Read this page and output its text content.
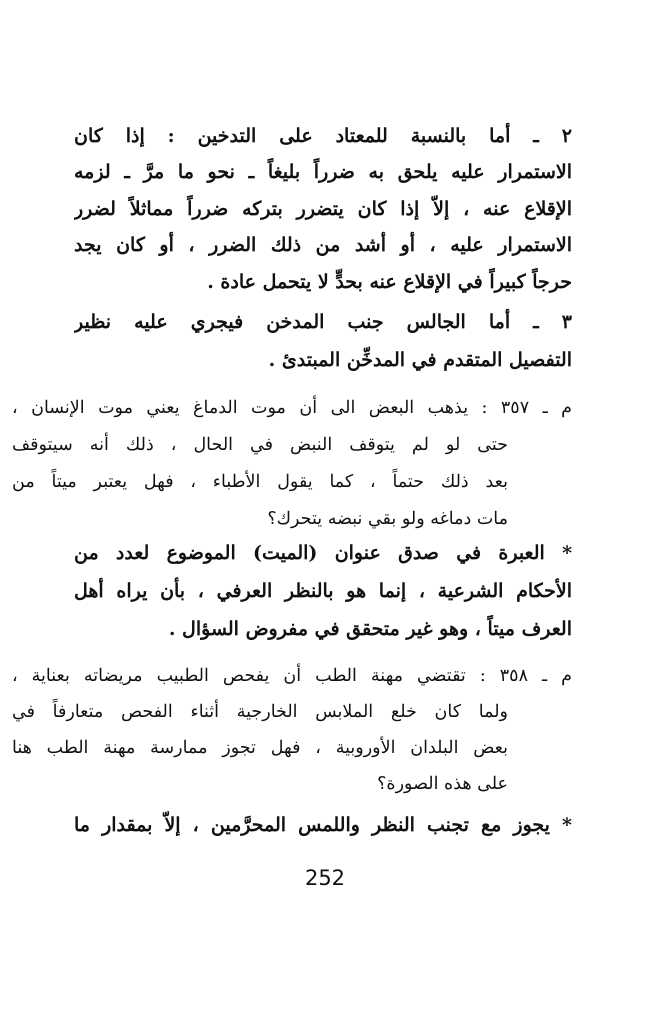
٢ ـ أما بالنسبة للمعتاد على التدخين : إذا كان
الاستمرار عليه يلحق به ضرراً بليغاً ـ نحو ما مرَّ ـ لزمه
الإقلاع عنه ، إلاّ إذا كان يتضرر بتركه ضرراً مماثلاً لضرر
الاستمرار عليه ، أو أشد من ذلك الضرر ، أو كان يجد
حرجاً كبيراً في الإقلاع عنه بحدٍّ لا يتحمل عادة .
٣ ـ أما الجالس جنب المدخن فيجري عليه نظير
التفصيل المتقدم في المدخِّن المبتدئ .
م ـ ٣٥٧ : يذهب البعض الى أن موت الدماغ يعني موت الإنسان ،
حتى لو لم يتوقف النبض في الحال ، ذلك أنه سيتوقف
بعد ذلك حتماً ، كما يقول الأطباء ، فهل يعتبر ميتاً من
مات دماغه ولو بقي نبضه يتحرك؟
* العبرة في صدق عنوان (الميت) الموضوع لعدد من
الأحكام الشرعية ، إنما هو بالنظر العرفي ، بأن يراه أهل
العرف ميتاً ، وهو غير متحقق في مفروض السؤال .
م ـ ٣٥٨ : تقتضي مهنة الطب أن يفحص الطبيب مريضاته بعناية ،
ولما كان خلع الملابس الخارجية أثناء الفحص متعارفاً في
بعض البلدان الأوروبية ، فهل تجوز ممارسة مهنة الطب هنا
على هذه الصورة؟
* يجوز مع تجنب النظر واللمس المحرَّمين ، إلاّ بمقدار ما
252
